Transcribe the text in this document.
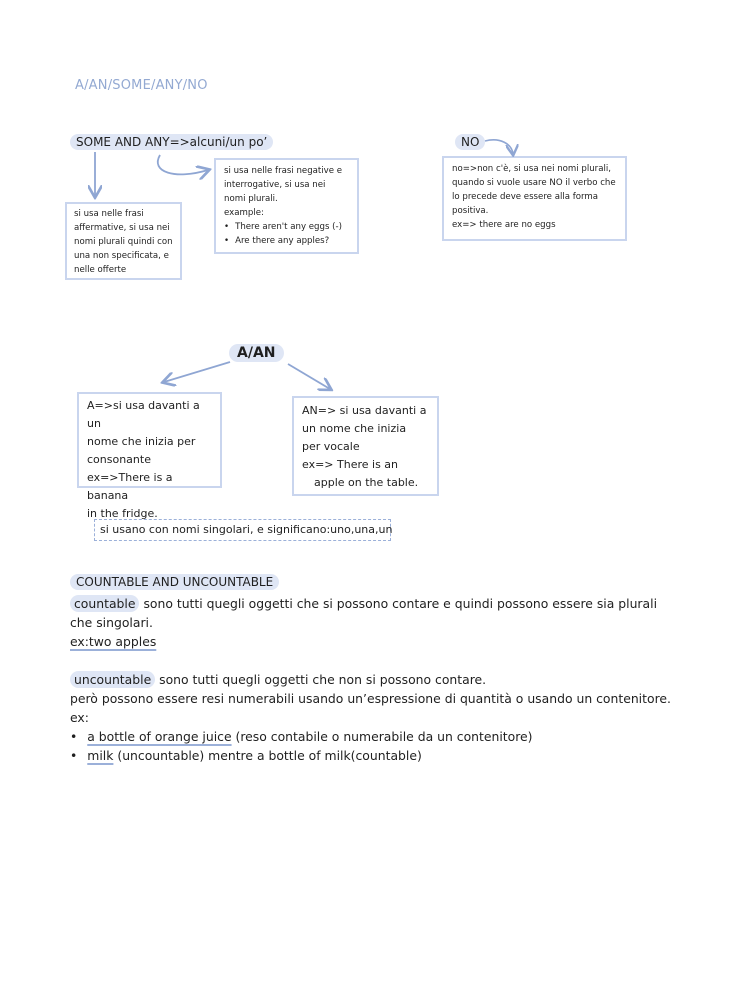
A/AN/SOME/ANY/NO
SOME AND ANY=>alcuni/un po’
si usa nelle frasi affermative, si usa nei nomi plurali quindi con una non specificata, e nelle offerte
si usa nelle frasi negative e interrogative, si usa nei nomi plurali.
example:
• There aren't any eggs (-)
• Are there any apples?
NO
no=>non c'è, si usa nei nomi plurali, quando si vuole usare NO il verbo che lo precede deve essere alla forma positiva.
ex=> there are no eggs
A/AN
A=>si usa davanti a un
nome che inizia per
consonante
ex=>There is a banana
in the fridge.
AN=> si usa davanti a
un nome che inizia
per vocale
ex=> There is an
apple on the table.
si usano con nomi singolari, e significano:uno,una,un
COUNTABLE AND UNCOUNTABLE
countable sono tutti quegli oggetti che si possono contare e quindi possono essere sia plurali che singolari.
ex:two apples
uncountable sono tutti quegli oggetti che non si possono contare.
però possono essere resi numerabili usando un’espressione di quantità o usando un contenitore.
ex:
• a bottle of orange juice (reso contabile o numerabile da un contenitore)
• milk (uncountable) mentre a bottle of milk(countable)
